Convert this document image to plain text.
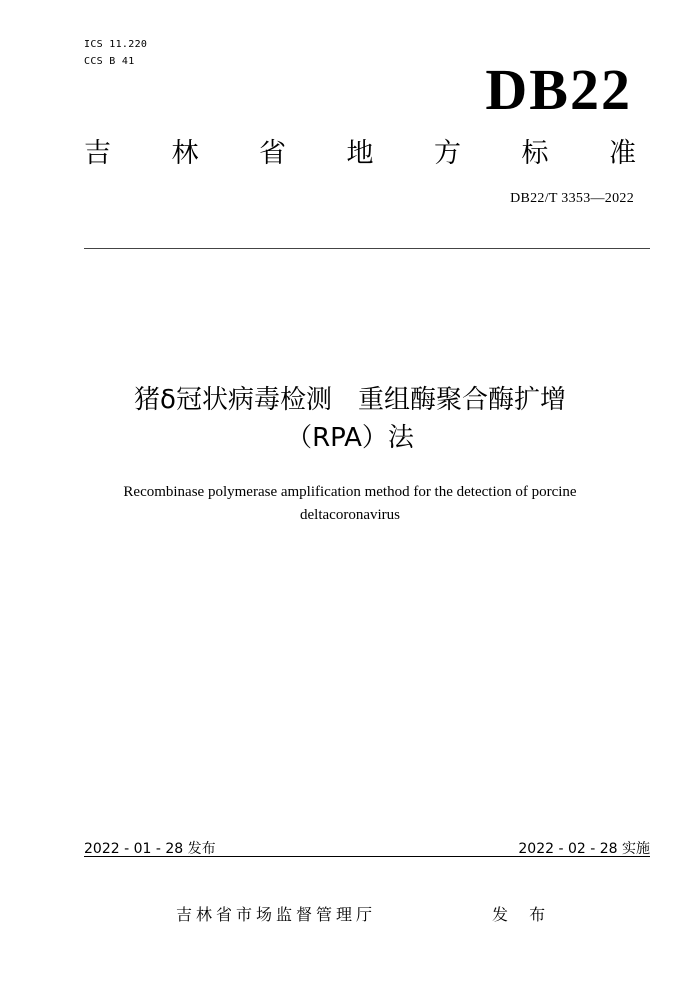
ICS 11.220
CCS B 41	DB22
吉 林 省 地 方 标 准
DB22/T 3353—2022
猪δ冠状病毒检测　重组酶聚合酶扩增
（RPA）法
Recombinase polymerase amplification method for the detection of porcine
deltacoronavirus
2022 - 01 - 28 发布	2022 - 02 - 28 实施
吉林省市场监督管理厅	发 布
